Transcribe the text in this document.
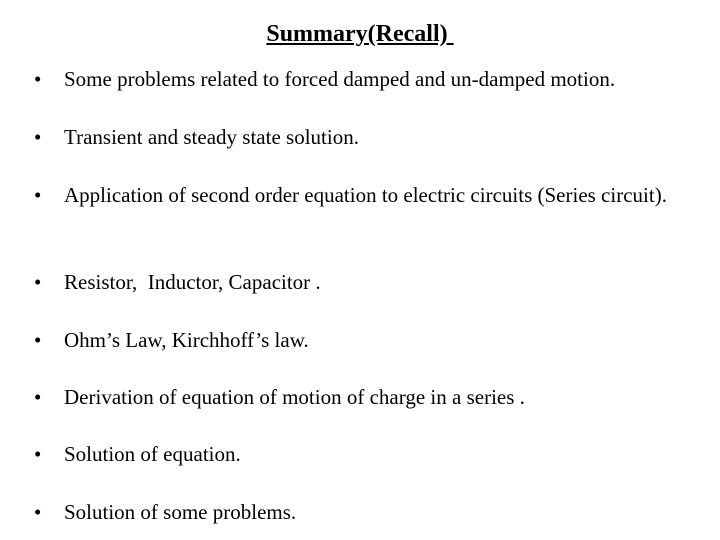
Summary(Recall)
•	Some problems related to forced damped and un-damped motion.
•	Transient and steady state solution.
•	Application of second order equation to electric circuits (Series circuit).
•	Resistor,  Inductor, Capacitor .
•	Ohm’s Law, Kirchhoff’s law.
•	Derivation of equation of motion of charge in a series .
•	Solution of equation.
•	Solution of some problems.
